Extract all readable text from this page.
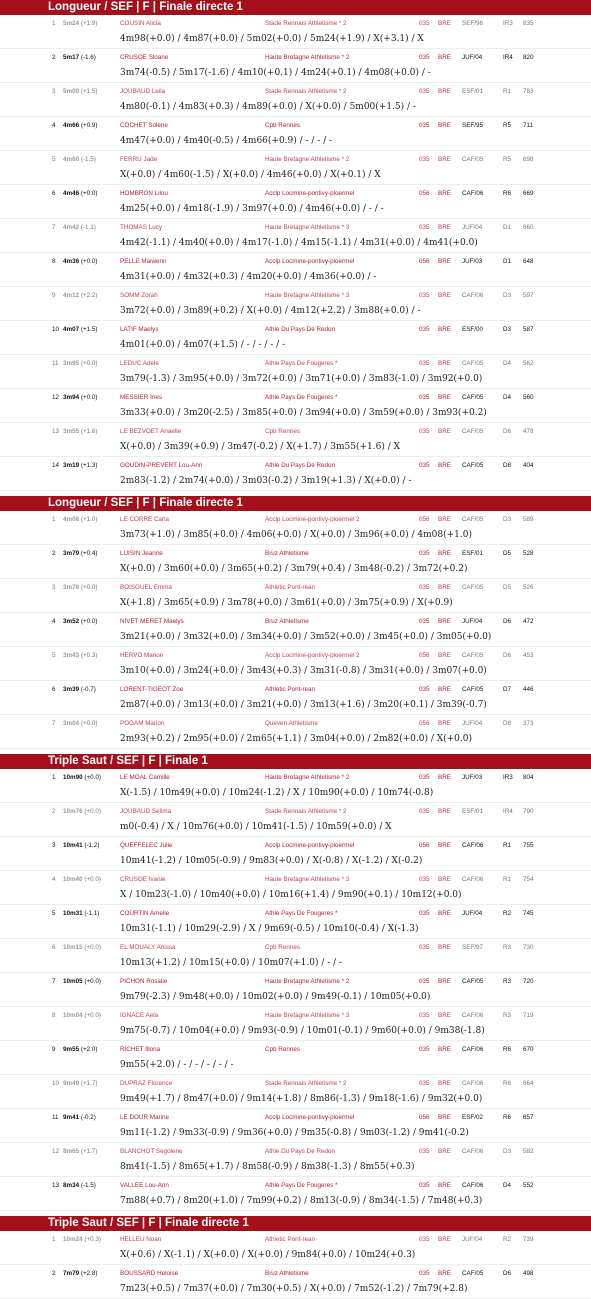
Longueur / SEF | F | Finale directe 1
1 5m24 (+1.9)	COUSIN Alicia	Stade Rennais Athletisme * 2	035 BRE SEF/96	IR3 835
4m98(+0.0) / 4m87(+0.0) / 5m02(+0.0) / 5m24(+1.9) / X(+3.1) / X
2 5m17 (-1.6)	CRUSOE Sloane	Haute Bretagne Athletisme * 2	035 BRE JUF/04	IR4 820
3m74(-0.5) / 5m17(-1.6) / 4m10(+0.1) / 4m24(+0.1) / 4m08(+0.0) / -
3 5m00 (+1.5)	JOUBAUD Leila	Stade Rennais Athletisme * 2	035 BRE ESF/01	R1 783
4m80(-0.1) / 4m83(+0.3) / 4m89(+0.0) / X(+0.0) / 5m00(+1.5) / -
4 4m66 (+0.9)	COCHET Solene	Cpb Rennes	035 BRE SEF/95	R5 711
4m47(+0.0) / 4m40(-0.5) / 4m66(+0.9) / - / - / -
5 4m60 (-1.5)	FERRU Jade	Haute Bretagne Athletisme * 2	035 BRE CAF/05	R5 698
X(+0.0) / 4m60(-1.5) / X(+0.0) / 4m46(+0.0) / X(+0.1) / X
6 4m46 (+0.0)	HOMBRON Lilou	Acclp Locmine-pontivy-ploermel	056 BRE CAF/06	R6 669
4m25(+0.0) / 4m18(-1.9) / 3m97(+0.0) / 4m46(+0.0) / - / -
7 4m42 (-1.1)	THOMAS Lucy	Haute Bretagne Athletisme * 3	035 BRE JUF/04	D1 660
4m42(-1.1) / 4m40(+0.0) / 4m17(-1.0) / 4m15(-1.1) / 4m31(+0.0) / 4m41(+0.0)
8 4m36 (+0.0)	PELLE Maiwenn	Acclp Locmine-pontivy-ploermel	056 BRE JUF/03	D1 648
4m31(+0.0) / 4m32(+0.3) / 4m20(+0.0) / 4m36(+0.0) / -
9 4m12 (+2.2)	SOMM Zorah	Haute Bretagne Athletisme * 3	035 BRE CAF/06	D3 597
3m72(+0.0) / 3m89(+0.2) / X(+0.0) / 4m12(+2.2) / 3m88(+0.0) / -
10 4m07 (+1.5)	LATIF Maelys	Athle Du Pays De Redon	035 BRE ESF/00	D3 587
4m01(+0.0) / 4m07(+1.5) / - / - / - / -
11 3m95 (+0.0)	LEDUC Adele	Athle Pays De Fougeres *	035 BRE CAF/05	D4 562
3m79(-1.3) / 3m95(+0.0) / 3m72(+0.0) / 3m71(+0.0) / 3m83(-1.0) / 3m92(+0.0)
12 3m94 (+0.0)	MESSIER Ines	Athle Pays De Fougeres *	035 BRE CAF/05	D4 560
3m33(+0.0) / 3m20(-2.5) / 3m85(+0.0) / 3m94(+0.0) / 3m59(+0.0) / 3m93(+0.2)
13 3m55 (+1.6)	LE BEZVOET Anaelle	Cpb Rennes	035 BRE CAF/05	D6 478
X(+0.0) / 3m39(+0.9) / 3m47(-0.2) / X(+1.7) / 3m55(+1.6) / X
14 3m19 (+1.3)	GOUDIN-PREVERT Lou-Ann	Athle Du Pays De Redon	035 BRE CAF/05	D8 404
2m83(-1.2) / 2m74(+0.0) / 3m03(-0.2) / 3m19(+1.3) / X(+0.0) / -
Longueur / SEF | F | Finale directe 1
1 4m08 (+1.0)	LE CORRE Carla	Acclp Locmine-pontivy-ploermel 2	056 BRE CAF/05	D3 589
3m73(+1.0) / 3m85(+0.0) / 4m06(+0.0) / X(+0.0) / 3m96(+0.0) / 4m08(+1.0)
2 3m79 (+0.4)	LUISIN Jeanne	Bruz Athletisme	035 BRE ESF/01	D5 528
X(+0.0) / 3m60(+0.0) / 3m65(+0.2) / 3m79(+0.4) / 3m48(-0.2) / 3m72(+0.2)
3 3m78 (+0.0)	BOISGUEL Emma	Athletic Pont-rean	035 BRE CAF/05	D5 526
X(+1.8) / 3m65(+0.9) / 3m78(+0.0) / 3m61(+0.0) / 3m75(+0.9) / X(+0.9)
4 3m52 (+0.0)	NIVET MERET Maelys	Bruz Athletisme	035 BRE JUF/04	D6 472
3m21(+0.0) / 3m32(+0.0) / 3m34(+0.0) / 3m52(+0.0) / 3m45(+0.0) / 3m05(+0.0)
5 3m43 (+0.3)	HERVO Manon	Acclp Locmine-pontivy-ploermel 2	056 BRE CAF/05	D6 453
3m10(+0.0) / 3m24(+0.0) / 3m43(+0.3) / 3m31(-0.8) / 3m31(+0.0) / 3m07(+0.0)
6 3m39 (-0.7)	LORENT-TIGEOT Zoe	Athletic Pont-rean	035 BRE CAF/05	D7 446
2m87(+0.0) / 3m13(+0.0) / 3m21(+0.0) / 3m13(+1.6) / 3m20(+0.1) / 3m39(-0.7)
7 3m04 (+0.0)	POGAM Marion	Queven Athletisme	056 BRE JUF/04	D8 373
2m93(+0.2) / 2m95(+0.0) / 2m65(+1.1) / 3m04(+0.0) / 2m82(+0.0) / X(+0.0)
Triple Saut / SEF | F | Finale 1
1 10m90 (+0.0)	LE MOAL Camille	Haute Bretagne Athletisme * 2	035 BRE JUF/03	IR3 804
X(-1.5) / 10m49(+0.0) / 10m24(-1.2) / X / 10m90(+0.0) / 10m74(-0.8)
2 10m76 (+0.0)	JOUBAUD Selima	Stade Rennais Athletisme * 2	035 BRE ESF/01	IR4 790
m0(-0.4) / X / 10m76(+0.0) / 10m41(-1.5) / 10m59(+0.0) / X
3 10m41 (-1.2)	QUEFFELEC Julie	Acclp Locmine-pontivy-ploermel	056 BRE CAF/06	R1 755
10m41(-1.2) / 10m05(-0.9) / 9m83(+0.0) / X(-0.8) / X(-1.2) / X(-0.2)
4 10m40 (+0.0)	CRUSOE Ivanie	Haute Bretagne Athletisme * 3	035 BRE CAF/06	R1 754
X / 10m23(-1.0) / 10m40(+0.0) / 10m16(+1.4) / 9m90(+0.1) / 10m12(+0.0)
5 10m31 (-1.1)	COURTIN Amelie	Athle Pays De Fougeres *	035 BRE JUF/04	R2 745
10m31(-1.1) / 10m29(-2.9) / X / 9m69(-0.5) / 10m10(-0.4) / X(-1.3)
6 10m15 (+0.0)	EL MOUALY Anissa	Cpb Rennes	035 BRE SEF/97	R3 730
10m13(+1.2) / 10m15(+0.0) / 10m07(+1.0) / - / -
7 10m05 (+0.0)	PICHON Rosalie	Haute Bretagne Athletisme * 2	035 BRE CAF/05	R3 720
9m79(-2.3) / 9m48(+0.0) / 10m02(+0.0) / 9m49(-0.1) / 10m05(+0.0)
8 10m04 (+0.0)	IGNACE Aela	Haute Bretagne Athletisme * 3	035 BRE CAF/06	R3 719
9m75(-0.7) / 10m04(+0.0) / 9m93(-0.9) / 10m01(-0.1) / 9m60(+0.0) / 9m38(-1.8)
9 9m55 (+2.0)	RICHET Illona	Cpb Rennes	035 BRE CAF/06	R6 670
9m55(+2.0) / - / - / - / - / -
10 9m49 (+1.7)	DUPRAZ Florence	Stade Rennais Athletisme * 2	035 BRE CAF/06	R6 664
9m49(+1.7) / 8m47(+0.0) / 9m14(+1.8) / 8m86(-1.3) / 9m18(-1.6) / 9m32(+0.0)
11 9m41 (-0.2)	LE DOUR Marine	Acclp Locmine-pontivy-ploermel	056 BRE ESF/02	R6 657
9m11(-1.2) / 9m33(-0.9) / 9m36(+0.0) / 9m35(-0.8) / 9m03(-1.2) / 9m41(-0.2)
12 8m65 (+1.7)	BLANCHOT Segolene	Athle Du Pays De Redon	035 BRE CAF/06	D3 582
8m41(-1.5) / 8m65(+1.7) / 8m58(-0.9) / 8m38(-1.3) / 8m55(+0.3)
13 8m34 (-1.5)	VALLEE Lou-Ann	Athle Pays De Fougeres *	035 BRE CAF/06	D4 552
7m88(+0.7) / 8m20(+1.0) / 7m99(+0.2) / 8m13(-0.9) / 8m34(-1.5) / 7m48(+0.3)
Triple Saut / SEF | F | Finale directe 1
1 10m24 (+0.3)	HELLEU Noan	Athletic Pont-rean	035 BRE JUF/04	R2 739
X(+0.6) / X(-1.1) / X(+0.0) / X(+0.0) / 9m84(+0.0) / 10m24(+0.3)
2 7m79 (+2.8)	BOUSSARD Heloise	Bruz Athletisme	035 BRE CAF/05	D6 498
7m23(+0.5) / 7m37(+0.0) / 7m30(+0.5) / X(+0.0) / 7m52(-1.2) / 7m79(+2.8)
